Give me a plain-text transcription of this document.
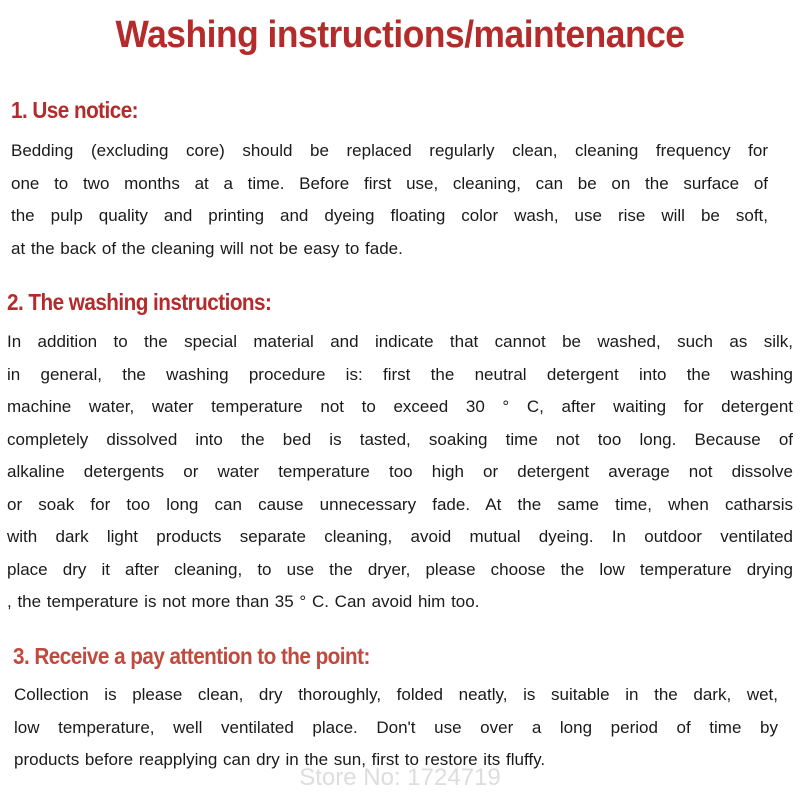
Washing instructions/maintenance
1. Use notice:

Bedding (excluding core) should be replaced regularly clean, cleaning frequency for
one to two months at a time. Before first use, cleaning, can be on the surface of
the pulp quality and printing and dyeing floating color wash, use rise will be soft,
at the back of the cleaning will not be easy to fade.

2. The washing instructions:

In addition to the special material and indicate that cannot be washed, such as silk,
in general, the washing procedure is: first the neutral detergent into the washing
machine water, water temperature not to exceed 30 ° C, after waiting for detergent
completely dissolved into the bed is tasted, soaking time not too long. Because of
alkaline detergents or water temperature too high or detergent average not dissolve
or soak for too long can cause unnecessary fade. At the same time, when catharsis
with dark light products separate cleaning, avoid mutual dyeing. In outdoor ventilated
place dry it after cleaning, to use the dryer, please choose the low temperature drying
, the temperature is not more than 35 ° C. Can avoid him too.

3. Receive a pay attention to the point:

Collection is please clean, dry thoroughly, folded neatly, is suitable in the dark, wet,
low temperature, well ventilated place. Don't use over a long period of time by
products before reapplying can dry in the sun, first to restore its fluffy.

Store No: 1724719
